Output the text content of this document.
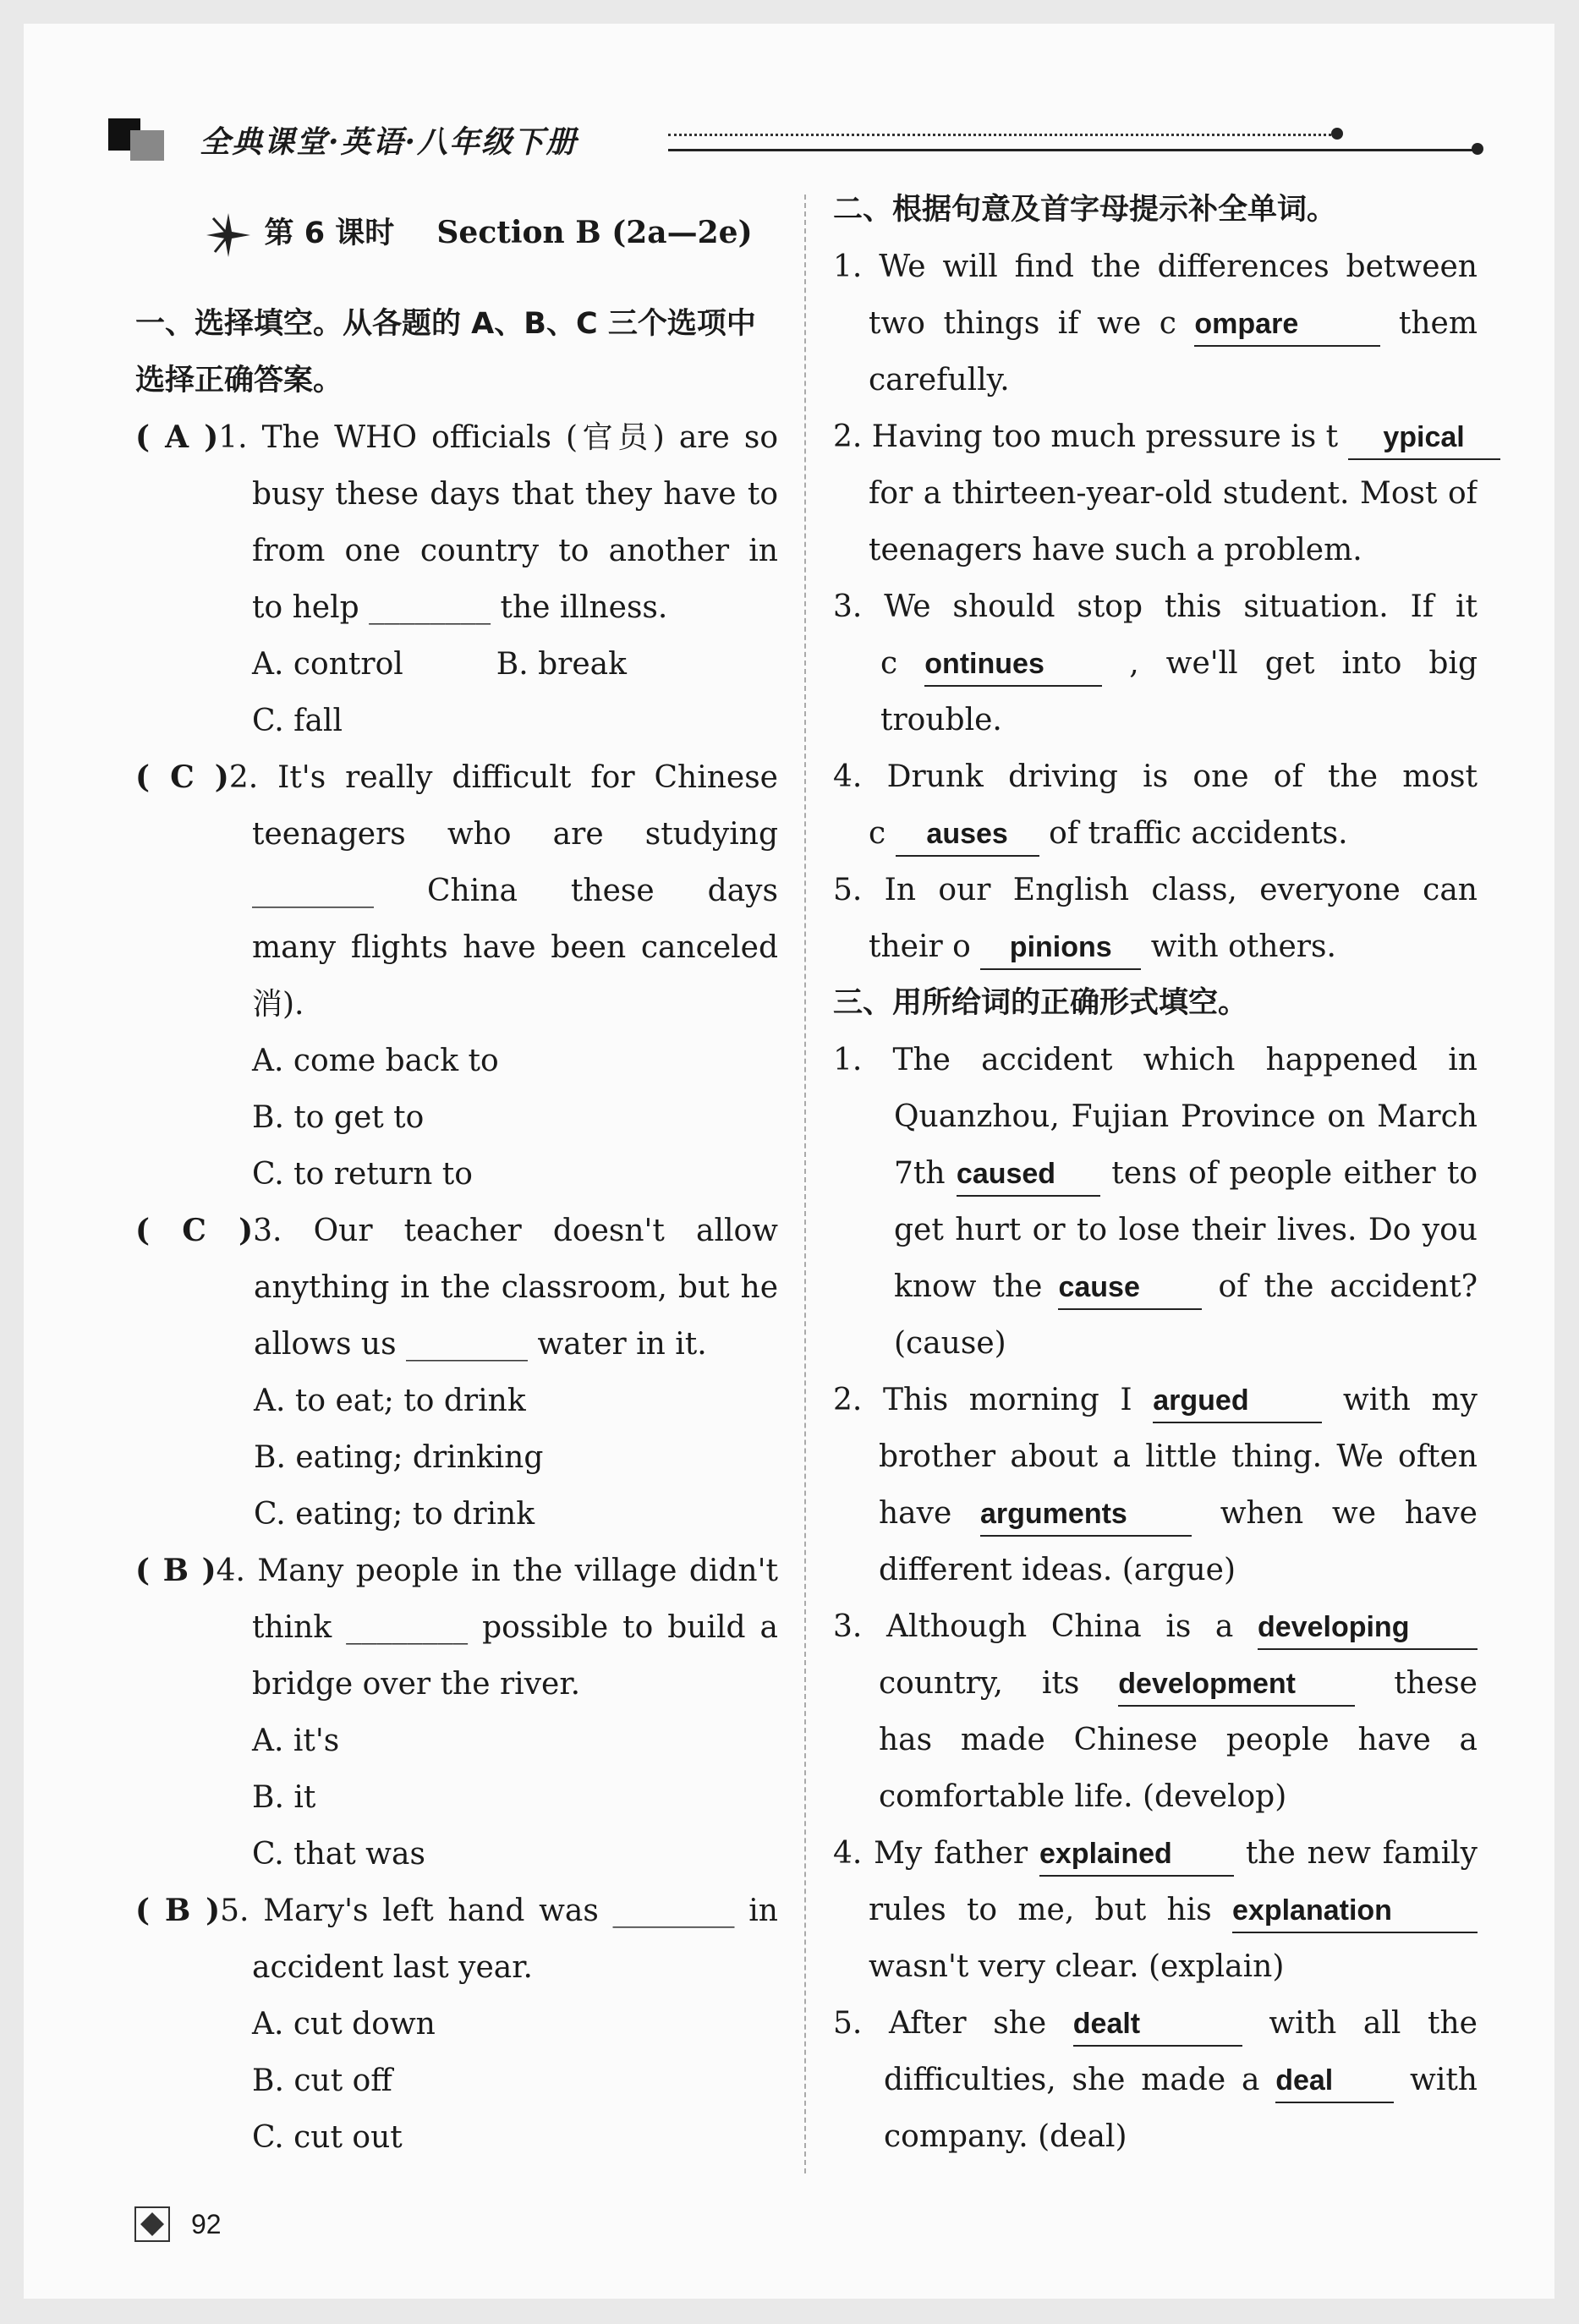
全典课堂·英语·八年级下册
第 6 课时 Section B (2a—2e)
一、选择填空。从各题的 A、B、C 三个选项中
选择正确答案。
( A )1. The WHO officials (官员) are so
busy these days that they have to
from one country to another in
to help ________ the illness.
A. control	B. break
C. fall
( C )2. It's really difficult for Chinese
teenagers who are studying
________ China these days
many flights have been canceled
消).
A. come back to
B. to get to
C. to return to
( C )3. Our teacher doesn't allow
anything in the classroom, but he
allows us ________ water in it.
A. to eat; to drink
B. eating; drinking
C. eating; to drink
( B )4. Many people in the village didn't
think ________ possible to build a
bridge over the river.
A. it's
B. it
C. that was
( B )5. Mary's left hand was ________ in
accident last year.
A. cut down
B. cut off
C. cut out
二、根据句意及首字母提示补全单词。
1. We will find the differences between
two things if we c ompare	them
carefully.
2. Having too much pressure is t ypical
for a thirteen-year-old student. Most of
teenagers have such a problem.
3. We should stop this situation. If it
c ontinues	, we'll get into big
trouble.
4. Drunk driving is one of the most
c auses of traffic accidents.
5. In our English class, everyone can
their o pinions with others.
三、用所给词的正确形式填空。
1. The accident which happened in
Quanzhou, Fujian Province on March
7th caused tens of people either to
get hurt or to lose their lives. Do you
know the cause	of the accident?
(cause)
2. This morning I argued	with my
brother about a little thing. We often
have arguments	when we have
different ideas. (argue)
3. Although China is a developing
country, its development	these
has made Chinese people have a
comfortable life. (develop)
4. My father explained the new family
rules to me, but his explanation
wasn't very clear. (explain)
5. After she dealt	with all the
difficulties, she made a deal	with
company. (deal)
92
